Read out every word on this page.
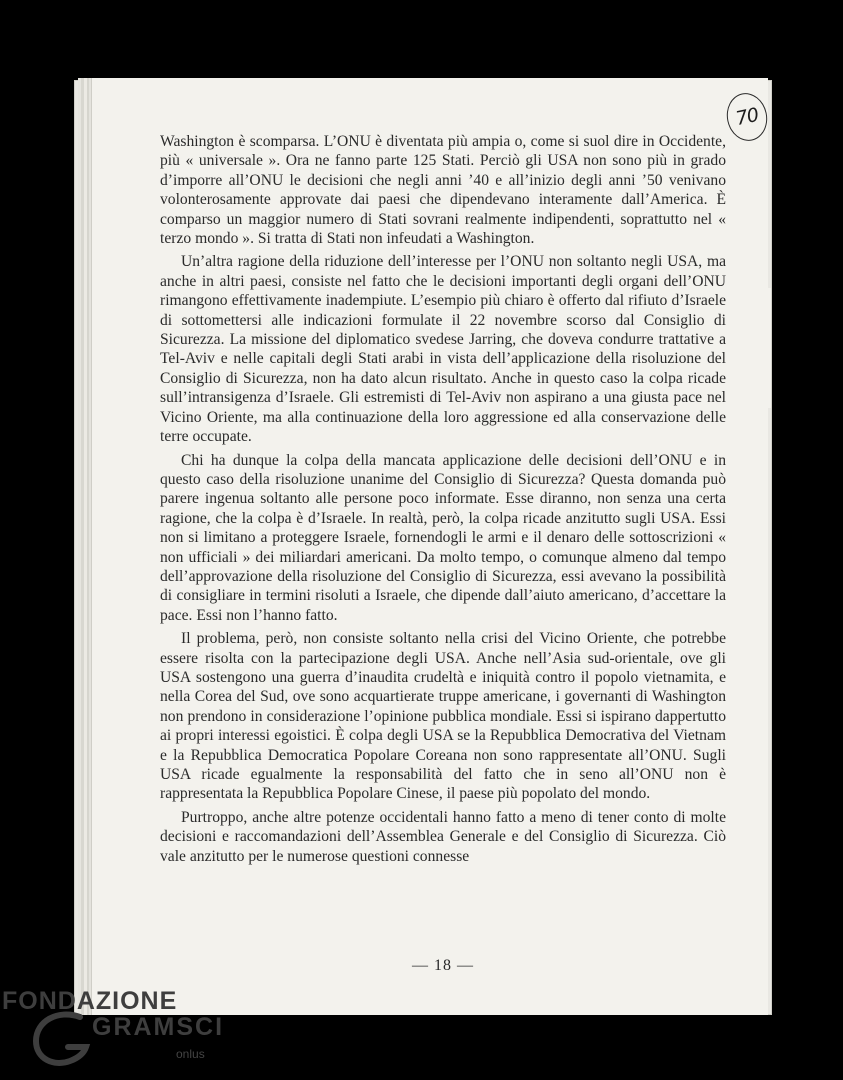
70

Washington è scomparsa. L’ONU è diventata più ampia o, come si suol dire in Occidente, più « universale ». Ora ne fanno parte 125 Stati. Perciò gli USA non sono più in grado d’imporre all’ONU le decisioni che negli anni ’40 e all’inizio degli anni ’50 venivano volonterosamente approvate dai paesi che dipendevano interamente dall’America. È comparso un maggior numero di Stati sovrani realmente indipendenti, soprattutto nel « terzo mondo ». Si tratta di Stati non infeudati a Washington.

Un’altra ragione della riduzione dell’interesse per l’ONU non soltanto negli USA, ma anche in altri paesi, consiste nel fatto che le decisioni importanti degli organi dell’ONU rimangono effettivamente inadempiute. L’esempio più chiaro è offerto dal rifiuto d’Israele di sottomettersi alle indicazioni formulate il 22 novembre scorso dal Consiglio di Sicurezza. La missione del diplomatico svedese Jarring, che doveva condurre trattative a Tel-Aviv e nelle capitali degli Stati arabi in vista dell’applicazione della risoluzione del Consiglio di Sicurezza, non ha dato alcun risultato. Anche in questo caso la colpa ricade sull’intransigenza d’Israele. Gli estremisti di Tel-Aviv non aspirano a una giusta pace nel Vicino Oriente, ma alla continuazione della loro aggressione ed alla conservazione delle terre occupate.

Chi ha dunque la colpa della mancata applicazione delle decisioni dell’ONU e in questo caso della risoluzione unanime del Consiglio di Sicurezza? Questa domanda può parere ingenua soltanto alle persone poco informate. Esse diranno, non senza una certa ragione, che la colpa è d’Israele. In realtà, però, la colpa ricade anzitutto sugli USA. Essi non si limitano a proteggere Israele, fornendogli le armi e il denaro delle sottoscrizioni « non ufficiali » dei miliardari americani. Da molto tempo, o comunque almeno dal tempo dell’approvazione della risoluzione del Consiglio di Sicurezza, essi avevano la possibilità di consigliare in termini risoluti a Israele, che dipende dall’aiuto americano, d’accettare la pace. Essi non l’hanno fatto.

Il problema, però, non consiste soltanto nella crisi del Vicino Oriente, che potrebbe essere risolta con la partecipazione degli USA. Anche nell’Asia sud-orientale, ove gli USA sostengono una guerra d’inaudita crudeltà e iniquità contro il popolo vietnamita, e nella Corea del Sud, ove sono acquartierate truppe americane, i governanti di Washington non prendono in considerazione l’opinione pubblica mondiale. Essi si ispirano dappertutto ai propri interessi egoistici. È colpa degli USA se la Repubblica Democrativa del Vietnam e la Repubblica Democratica Popolare Coreana non sono rappresentate all’ONU. Sugli USA ricade egualmente la responsabilità del fatto che in seno all’ONU non è rappresentata la Repubblica Popolare Cinese, il paese più popolato del mondo.

Purtroppo, anche altre potenze occidentali hanno fatto a meno di tener conto di molte decisioni e raccomandazioni dell’Assemblea Generale e del Consiglio di Sicurezza. Ciò vale anzitutto per le numerose questioni connesse

— 18 —
FONDAZIONE
GRAMSCI
onlus
